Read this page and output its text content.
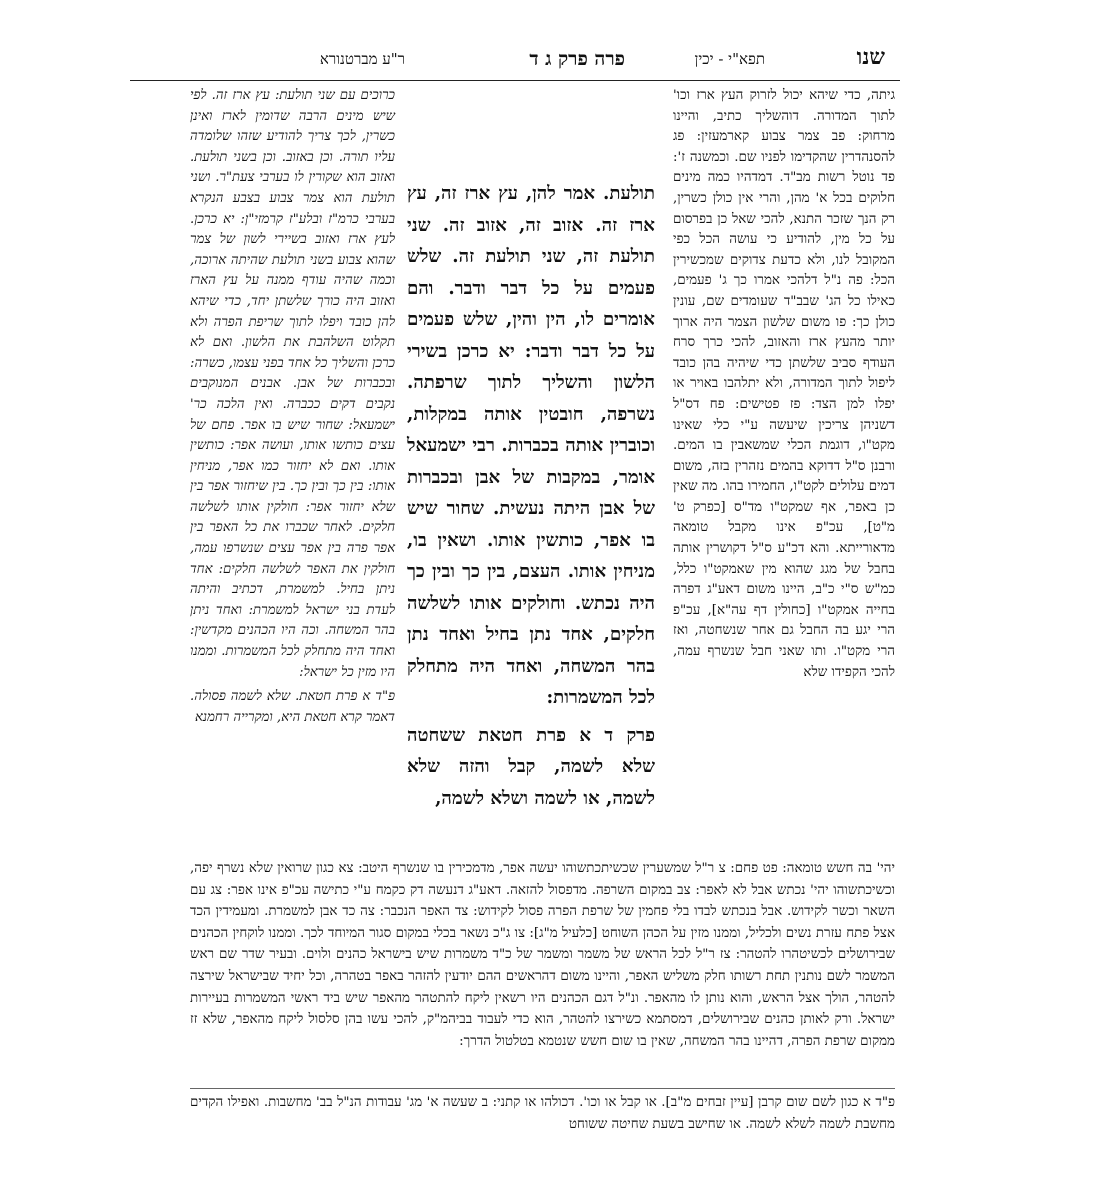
שנו
תפא"י - יכין
פרה פרק ג ד
ר"ע מברטנורא

גיתה, כדי שיהא יכול לזרוק העץ ארז וכו' לתוך המדורה. דוהשליך כתיב, והיינו מרחוק: פב צמר צבוע קארמעזין: פג להסנהדרין שהקדימו לפניו שם. וכמשנה ז': פד נוטל רשות מב"ד. דמדהיו כמה מינים חלוקים בכל א' מהן, והרי אין כולן כשרין, רק הנך שזכר התנא, להכי שאל כן בפרסום על כל מין, להודיע כי עושה הכל כפי המקובל לנו, ולא כדעת צדוקים שמכשירין הכל: פה נ"ל דלהכי אמרו כך ג' פעמים, כאילו כל הג' שבב"ד שעומדים שם, עונין כולן כך: פו משום שלשון הצמר היה ארוך יותר מהעץ ארז והאזוב, להכי כרך סרח העודף סביב שלשתן כדי שיהיה בהן כובד ליפול לתוך המדורה, ולא יתלהבו באויר או יפלו למן הצד: פז פטישים: פח דס"ל דשניהן צריכין שיעשה ע"י כלי שאינו מקט"ו, דוגמת הכלי שמשאבין בו המים. ורבנן ס"ל דדוקא בהמים נזהרין בזה, משום דמים עלולים לקט"ו, החמירו בהו. מה שאין כן באפר, אף שמקט"ו מד"ס [כפרק ט' מ"ט], עכ"פ אינו מקבל טומאה מדאורייתא. והא דכ"ע ס"ל דקושרין אותה בחבל של מגג שהוא מין שאמקט"ו כלל, כמ"ש ס"י כ"ב, היינו משום דאע"ג דפרה בחייה אמקט"ו [כחולין דף עה"א], עכ"פ הרי יגע בה החבל גם אחר שנשחטה, ואז הרי מקט"ו. ותו שאני חבל שנשרף עמה, להכי הקפידו שלא

תולעת. אמר להן, עץ ארז זה, עץ ארז זה. אזוב זה, אזוב זה. שני תולעת זה, שני תולעת זה. שלש פעמים על כל דבר ודבר. והם אומרים לו, הין והין, שלש פעמים על כל דבר ודבר: יא כרכן בשירי הלשון והשליך לתוך שרפתה. נשרפה, חובטין אותה במקלות, וכוברין אותה בכברות. רבי ישמעאל אומר, במקבות של אבן ובכברות של אבן היתה נעשית. שחור שיש בו אפר, כותשין אותו. ושאין בו, מניחין אותו. העצם, בין כך ובין כך היה נכתש. וחולקים אותו לשלשה חלקים, אחד נתן בחיל ואחד נתן בהר המשחה, ואחד היה מתחלק לכל המשמרות:

פרק ד א פרת חטאת ששחטה שלא לשמה, קבל והזה שלא לשמה, או לשמה ושלא לשמה,

כרוכים עם שני תולעת: עץ ארז זה. לפי שיש מינים הרבה שדומין לארז ואינן כשרין, לכך צריך להודיע שזהו שלומדה עליו תורה. וכן באזוב. וכן בשני תולעת. ואזוב הוא שקורין לו בערבי צעת"ר. ושני תולעת הוא צמר צבוע בצבע הנקרא בערבי כרמ"ז ובלע"ז קרמזי"ן: יא כרכן. לעץ ארז ואזוב בשיירי לשון של צמר שהוא צבוע בשני תולעת שהיתה ארוכה, וכמה שהיה עודף ממנה על עץ הארז ואזוב היה כורך שלשתן יחד, כדי שיהא להן כובד ויפלו לתוך שריפת הפרה ולא תקלוט השלהבת את הלשון. ואם לא כרכן והשליך כל אחד בפני עצמו, כשרה: ובכברות של אבן. אבנים המנוקבים נקבים דקים ככברה. ואין הלכה כר' ישמעאל: שחור שיש בו אפר. פחם של עצים כותשו אותו, ועושה אפר: כותשין אותו. ואם לא יחזור כמו אפר, מניחין אותו: בין כך ובין כך. בין שיחזור אפר בין שלא יחזור אפר: חולקין אותו לשלשה חלקים. לאחר שכברו את כל האפר בין אפר פרה בין אפר עצים שנשרפו עמה, חולקין את האפר לשלשה חלקים: אחד ניתן בחיל. למשמרת, דכתיב והיתה לעדת בני ישראל למשמרת: ואחד ניתן בהר המשחה. וכה היו הכהנים מקדשין: ואחד היה מתחלק לכל המשמרות. וממנו היו מזין כל ישראל:

פ"ד א פרת חטאת. שלא לשמה פסולה. דאמר קרא חטאת היא, ומקרייה רחמנא

יהי' בה חשש טומאה: פט פחם: צ ר"ל שמשערין שכשיתכתשוהו יעשה אפר, מדמכירין בו שנשרף היטב: צא כגון שרואין שלא נשרף יפה, וכשיכתשוהו יהי' נכתש אבל לא לאפר: צב במקום השרפה. מדפסול להזאה. דאע"ג דנעשה דק כקמח ע"י כתישה עכ"פ אינו אפר: צג עם השאר וכשר לקידוש. אבל בנכתש לבדו בלי פחמין של שרפת הפרה פסול לקידוש: צד האפר הנכבר: צה כד אבן למשמרת. ומעמידין הכד אצל פתח עזרת נשים ולכליל, וממנו מזין על הכהן השוחט [כלעיל מ"ג]: צו ג"כ נשאר בכלי במקום סגור המיוחד לכך. וממנו לוקחין הכהנים שבירושלים לכשיטהרו להטהר: צז ר"ל לכל הראש של משמר ומשמר של כ"ד משמרות שיש בישראל כהנים ולוים. ובעיר שדר שם ראש המשמר לשם נותנין תחת רשותו חלק משליש האפר, והיינו משום דהראשים ההם יודעין להזהר באפר בטהרה, וכל יחיד שבישראל שירצה להטהר, הולך אצל הראש, והוא נותן לו מהאפר. ונ"ל דגם הכהנים היו רשאין ליקח להתטהר מהאפר שיש ביד ראשי המשמרות בעיירות ישראל. ורק לאותן כהנים שבירושלים, דמסתמא כשירצו להטהר, הוא כדי לעבוד בביהמ"ק, להכי עשו בהן סלסול ליקח מהאפר, שלא זז ממקום שרפת הפרה, דהיינו בהר המשחה, שאין בו שום חשש שנטמא בטלטול הדרך:

פ"ד א כגון לשם שום קרבן [עיין זבחים מ"ב]. או קבל או וכו'. דכולהו או קתני: ב שעשה א' מג' עבודות הנ"ל בב' מחשבות. ואפילו הקדים מחשבת לשמה לשלא לשמה. או שחישב בשעת שחיטה ששוחט
